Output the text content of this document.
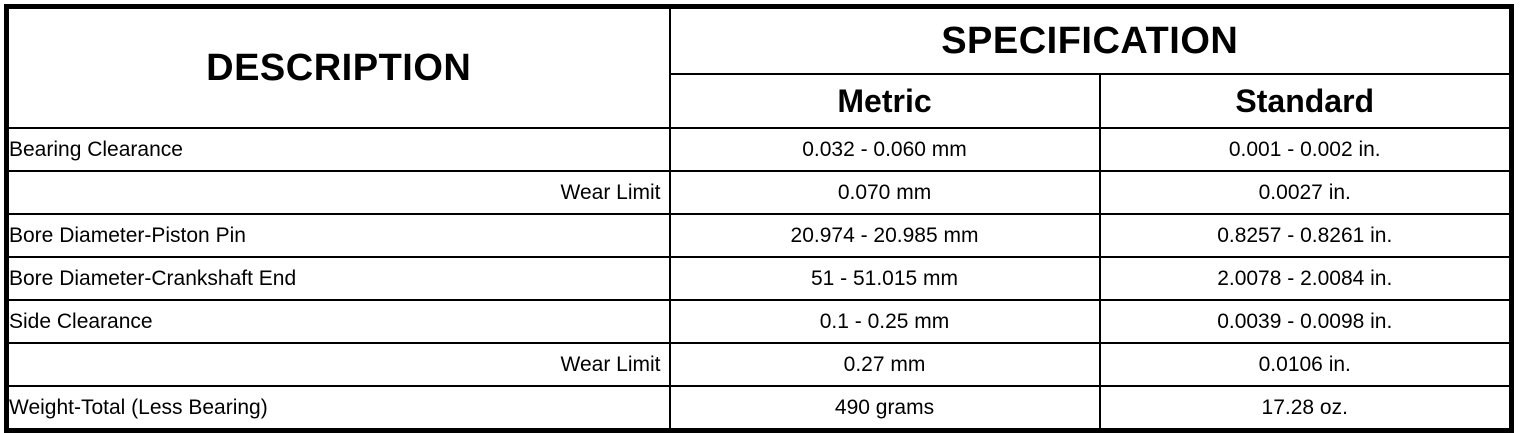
DESCRIPTION	SPECIFICATION	
	Metric	Standard
Bearing Clearance	0.032 - 0.060 mm	0.001 - 0.002 in.
Wear Limit	0.070 mm	0.0027 in.
Bore Diameter-Piston Pin	20.974 - 20.985 mm	0.8257 - 0.8261 in.
Bore Diameter-Crankshaft End	51 - 51.015 mm	2.0078 - 2.0084 in.
Side Clearance	0.1 - 0.25 mm	0.0039 - 0.0098 in.
Wear Limit	0.27 mm	0.0106 in.
Weight-Total (Less Bearing)	490 grams	17.28 oz.
